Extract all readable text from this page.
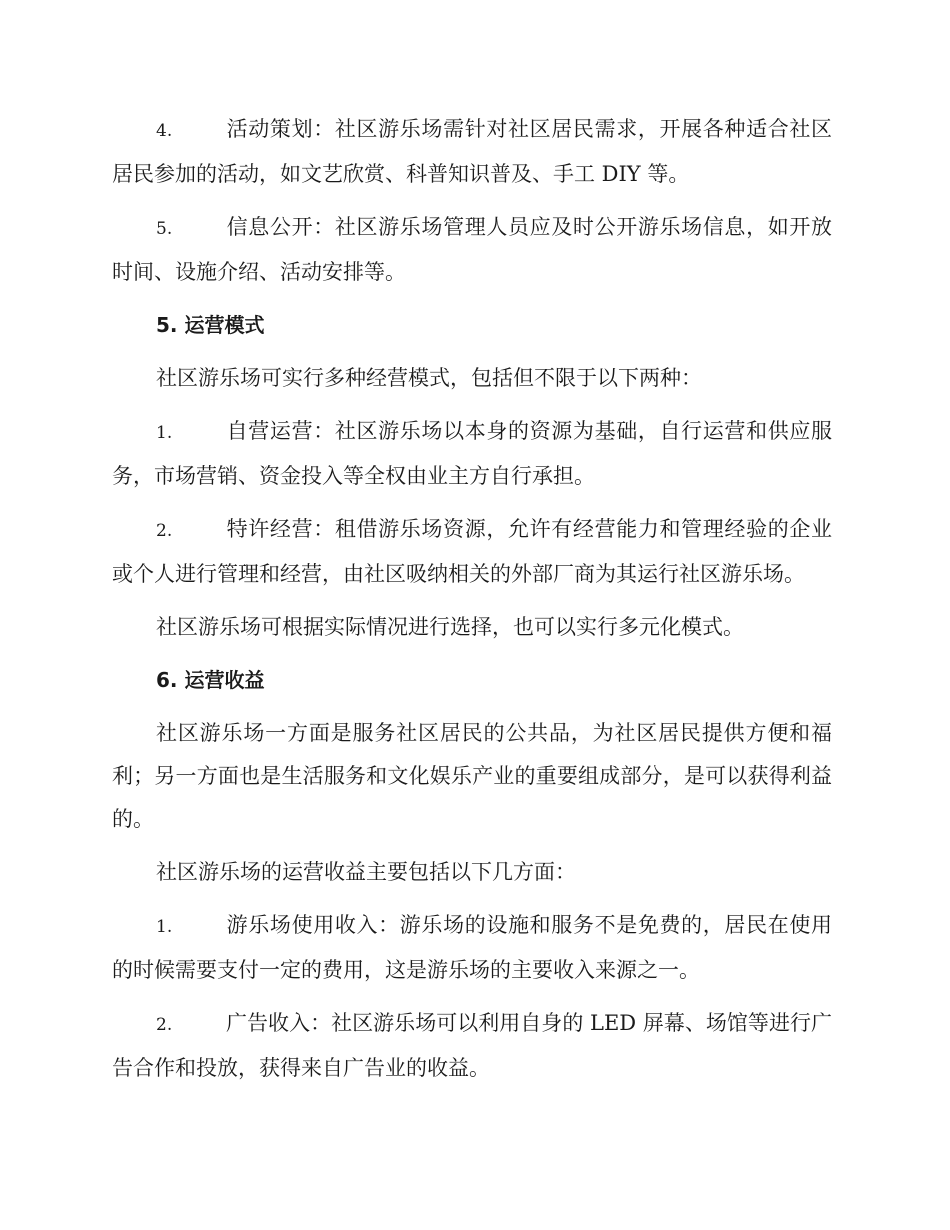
4.	活动策划：社区游乐场需针对社区居民需求，开展各种适合社区居民参加的活动，如文艺欣赏、科普知识普及、手工 DIY 等。

5.	信息公开：社区游乐场管理人员应及时公开游乐场信息，如开放时间、设施介绍、活动安排等。

5. 运营模式

社区游乐场可实行多种经营模式，包括但不限于以下两种：

1.	自营运营：社区游乐场以本身的资源为基础，自行运营和供应服务，市场营销、资金投入等全权由业主方自行承担。

2.	特许经营：租借游乐场资源，允许有经营能力和管理经验的企业或个人进行管理和经营，由社区吸纳相关的外部厂商为其运行社区游乐场。

社区游乐场可根据实际情况进行选择，也可以实行多元化模式。

6. 运营收益

社区游乐场一方面是服务社区居民的公共品，为社区居民提供方便和福利；另一方面也是生活服务和文化娱乐产业的重要组成部分，是可以获得利益的。

社区游乐场的运营收益主要包括以下几方面：

1.	游乐场使用收入：游乐场的设施和服务不是免费的，居民在使用的时候需要支付一定的费用，这是游乐场的主要收入来源之一。

2.	广告收入：社区游乐场可以利用自身的 LED 屏幕、场馆等进行广告合作和投放，获得来自广告业的收益。
